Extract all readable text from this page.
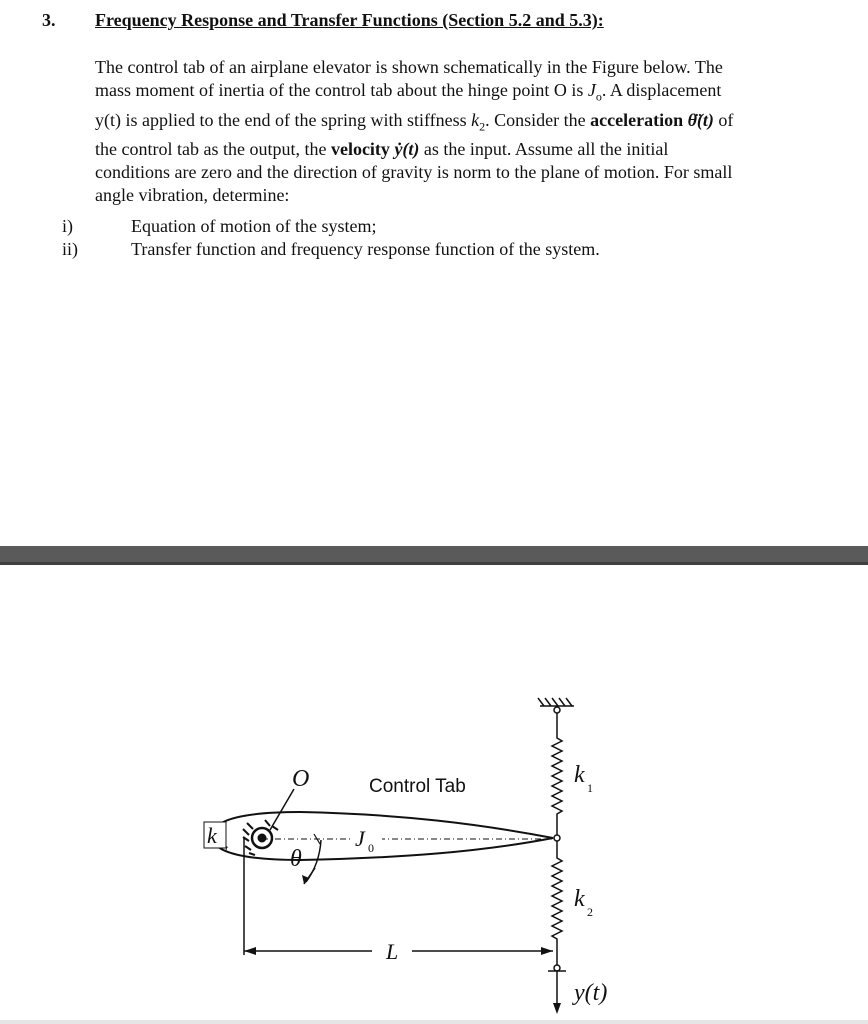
3. Frequency Response and Transfer Functions (Section 5.2 and 5.3):
The control tab of an airplane elevator is shown schematically in the Figure below. The
mass moment of inertia of the control tab about the hinge point O is $J_o$. A displacement
y(t) is applied to the end of the spring with stiffness $k_2$. Consider the acceleration θ̈(t) of
the control tab as the output, the velocity ẏ(t) as the input. Assume all the initial
conditions are zero and the direction of gravity is norm to the plane of motion. For small
angle vibration, determine:
i)
ii)
Equation of motion of the system;
Transfer function and frequency response function of the system.
O	Control Tab
k
t	J 0
θ
k 1
k 2
L
y(t)
